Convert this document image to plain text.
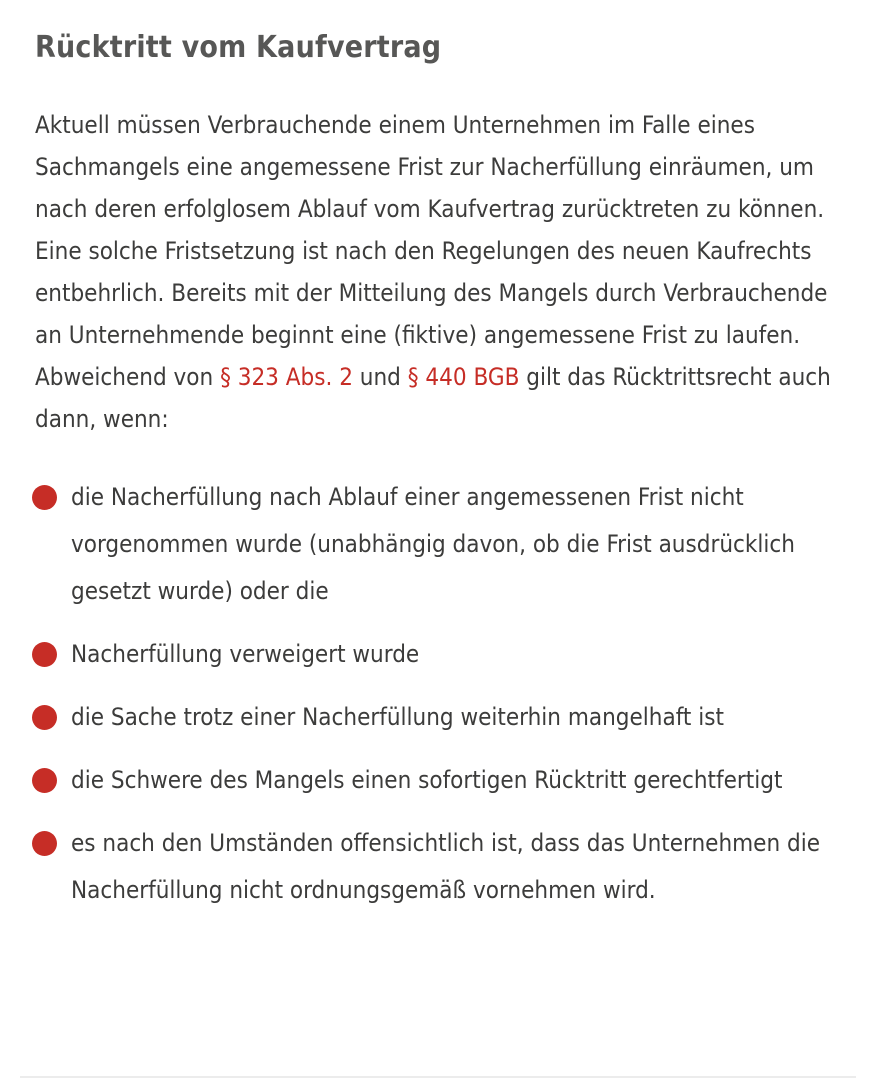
Rücktritt vom Kaufvertrag

Aktuell müssen Verbrauchende einem Unternehmen im Falle eines Sachmangels eine angemessene Frist zur Nacherfüllung einräumen, um nach deren erfolglosem Ablauf vom Kaufvertrag zurücktreten zu können. Eine solche Fristsetzung ist nach den Regelungen des neuen Kaufrechts entbehrlich. Bereits mit der Mitteilung des Mangels durch Verbrauchende an Unternehmende beginnt eine (fiktive) angemessene Frist zu laufen. Abweichend von § 323 Abs. 2 und § 440 BGB gilt das Rücktrittsrecht auch dann, wenn:

die Nacherfüllung nach Ablauf einer angemessenen Frist nicht vorgenommen wurde (unabhängig davon, ob die Frist ausdrücklich gesetzt wurde) oder die
Nacherfüllung verweigert wurde
die Sache trotz einer Nacherfüllung weiterhin mangelhaft ist
die Schwere des Mangels einen sofortigen Rücktritt gerechtfertigt
es nach den Umständen offensichtlich ist, dass das Unternehmen die Nacherfüllung nicht ordnungsgemäß vornehmen wird.
